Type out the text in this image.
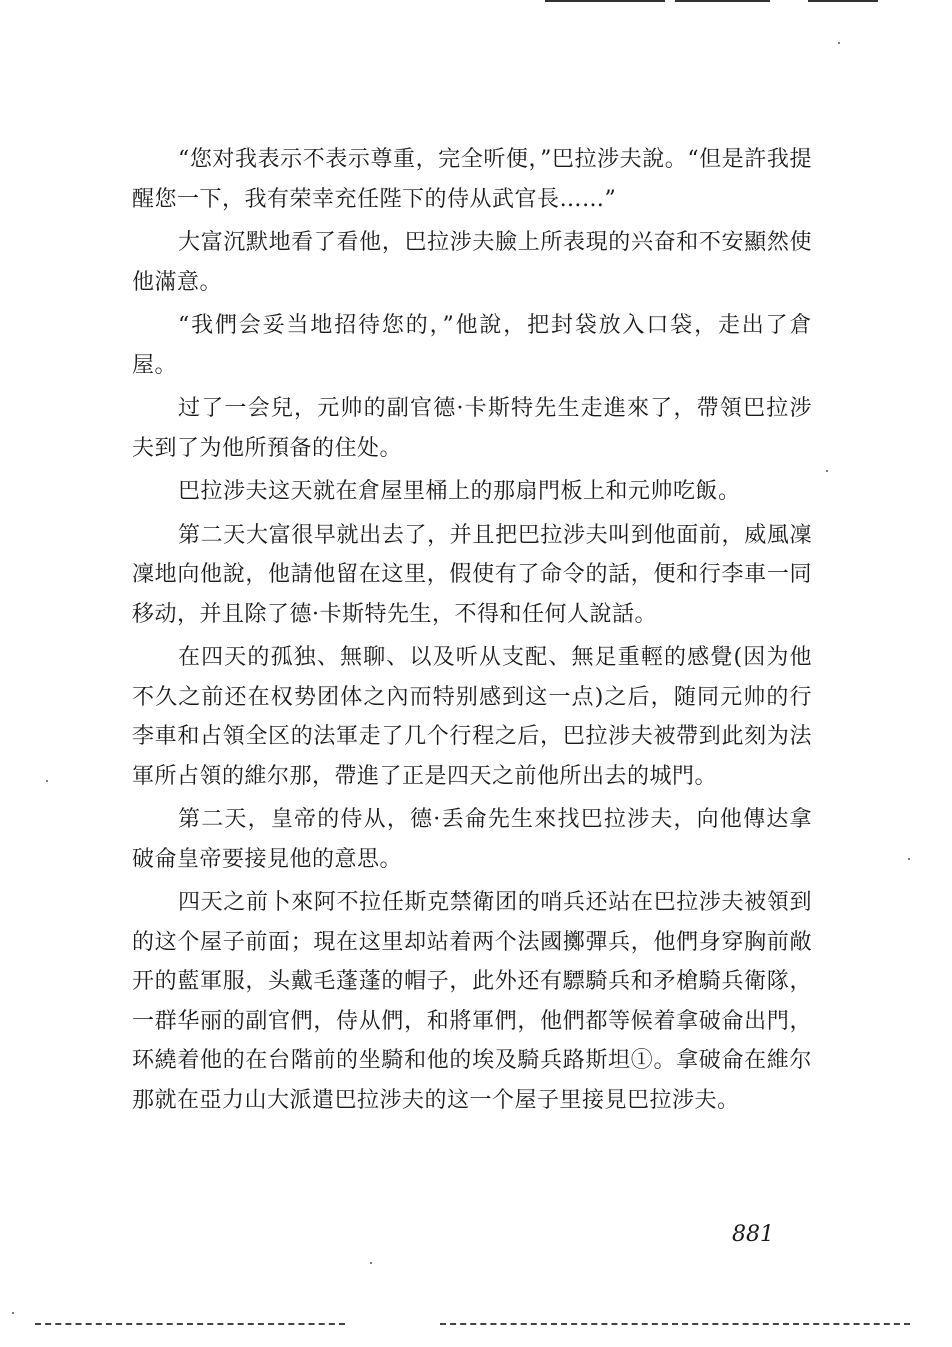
“您对我表示不表示尊重，完全听便，”巴拉涉夫說。“但是許我提醒您一下，我有荣幸充任陛下的侍从武官長……”

大富沉默地看了看他，巴拉涉夫臉上所表現的兴奋和不安顯然使他滿意。

“我們会妥当地招待您的，”他說，把封袋放入口袋，走出了倉屋。

过了一会兒，元帅的副官德·卡斯特先生走進來了，帶領巴拉涉夫到了为他所預备的住处。

巴拉涉夫这天就在倉屋里桶上的那扇門板上和元帅吃飯。

第二天大富很早就出去了，并且把巴拉涉夫叫到他面前，威風凜凜地向他說，他請他留在这里，假使有了命令的話，便和行李車一同移动，并且除了德·卡斯特先生，不得和任何人說話。

在四天的孤独、無聊、以及听从支配、無足重輕的感覺(因为他不久之前还在权势团体之內而特别感到这一点)之后，随同元帅的行李車和占領全区的法軍走了几个行程之后，巴拉涉夫被帶到此刻为法軍所占領的維尔那，帶進了正是四天之前他所出去的城門。

第二天，皇帝的侍从，德·丢侖先生來找巴拉涉夫，向他傳达拿破侖皇帝要接見他的意思。

四天之前卜來阿不拉任斯克禁衛团的哨兵还站在巴拉涉夫被領到的这个屋子前面；現在这里却站着两个法國擲彈兵，他們身穿胸前敞开的藍軍服，头戴毛蓬蓬的帽子，此外还有驃騎兵和矛槍騎兵衛隊，一群华丽的副官們，侍从們，和將軍們，他們都等候着拿破侖出門，环繞着他的在台階前的坐騎和他的埃及騎兵路斯坦①。拿破侖在維尔那就在亞力山大派遣巴拉涉夫的这一个屋子里接見巴拉涉夫。

881
